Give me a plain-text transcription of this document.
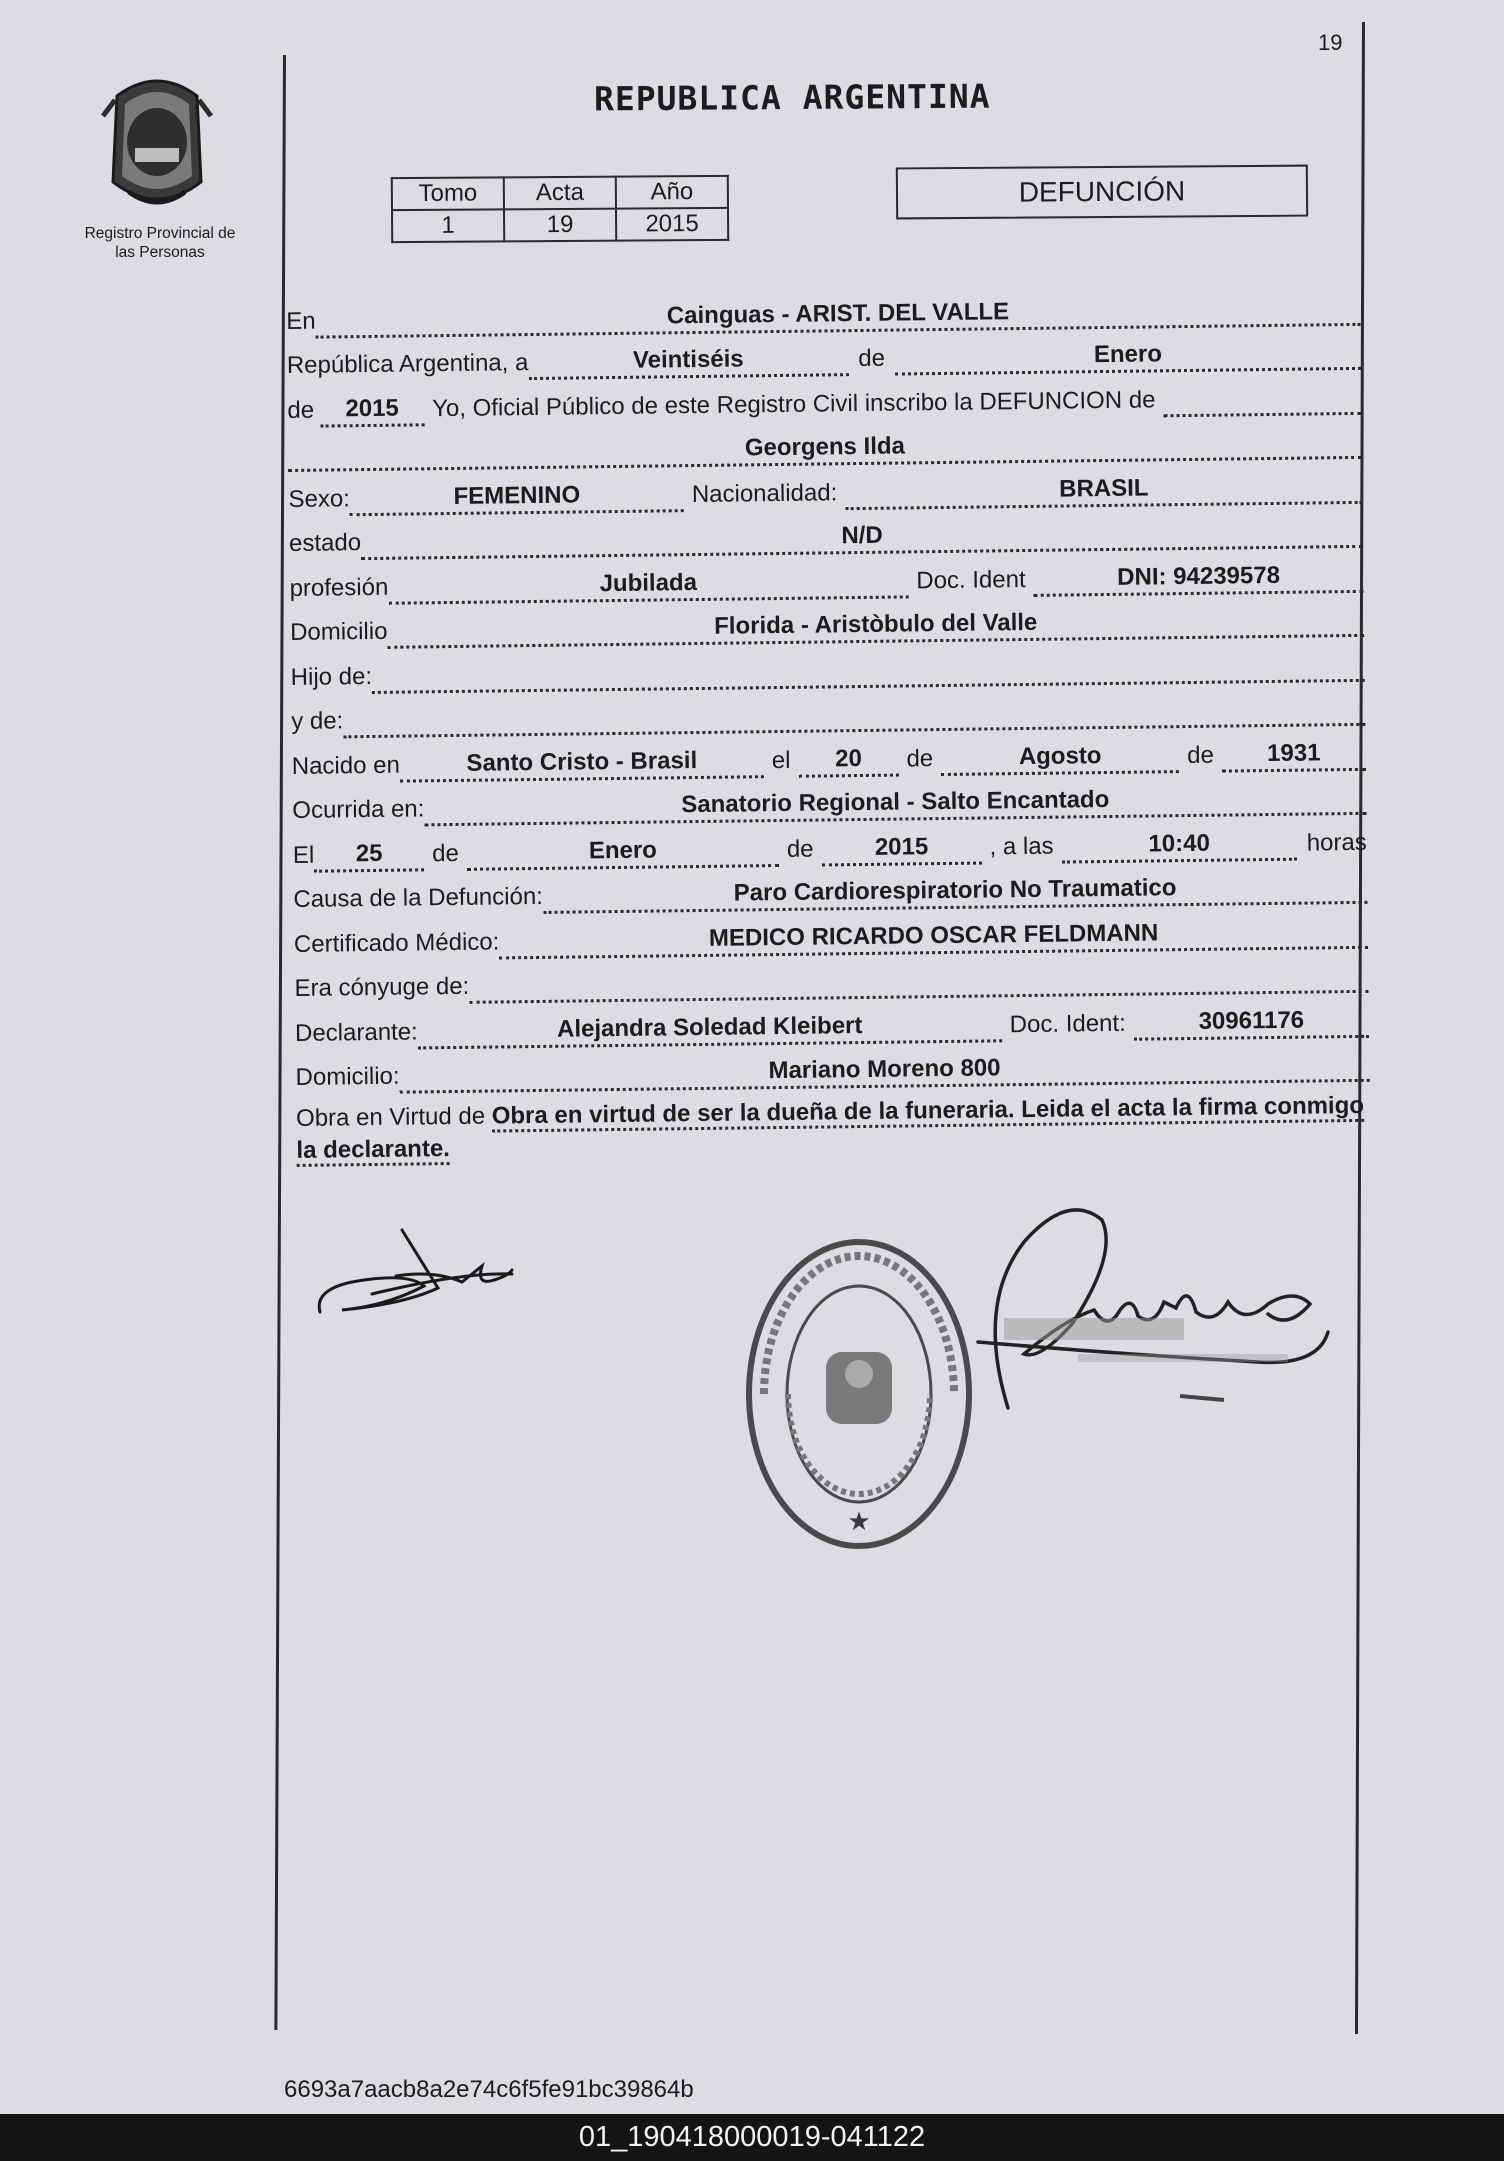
19
Registro Provincial de
las Personas
REPUBLICA ARGENTINA
Tomo	Acta	Año
1	19	2015
DEFUNCIÓN
En	Cainguas - ARIST. DEL VALLE
República Argentina, a	Veintiséis	de	Enero
de	2015	Yo, Oficial Público de este Registro Civil inscribo la DEFUNCION de
Georgens Ilda
Sexo:	FEMENINO	Nacionalidad:	BRASIL
estado	N/D
profesión	Jubilada	Doc. Ident	DNI: 94239578
Domicilio	Florida - Aristòbulo del Valle
Hijo de:
y de:
Nacido en	Santo Cristo - Brasil	el	20	de	Agosto	de	1931
Ocurrida en:	Sanatorio Regional - Salto Encantado
El	25	de	Enero	de	2015	, a las	10:40	horas
Causa de la Defunción:	Paro Cardiorespiratorio No Traumatico
Certificado Médico:	MEDICO RICARDO OSCAR FELDMANN
Era cónyuge de:
Declarante:	Alejandra Soledad Kleibert	Doc. Ident:	30961176
Domicilio:	Mariano Moreno 800
Obra en Virtud de Obra en virtud de ser la dueña de la funeraria. Leida el acta la firma conmigo la declarante.
★
6693a7aacb8a2e74c6f5fe91bc39864b
01_190418000019-041122
